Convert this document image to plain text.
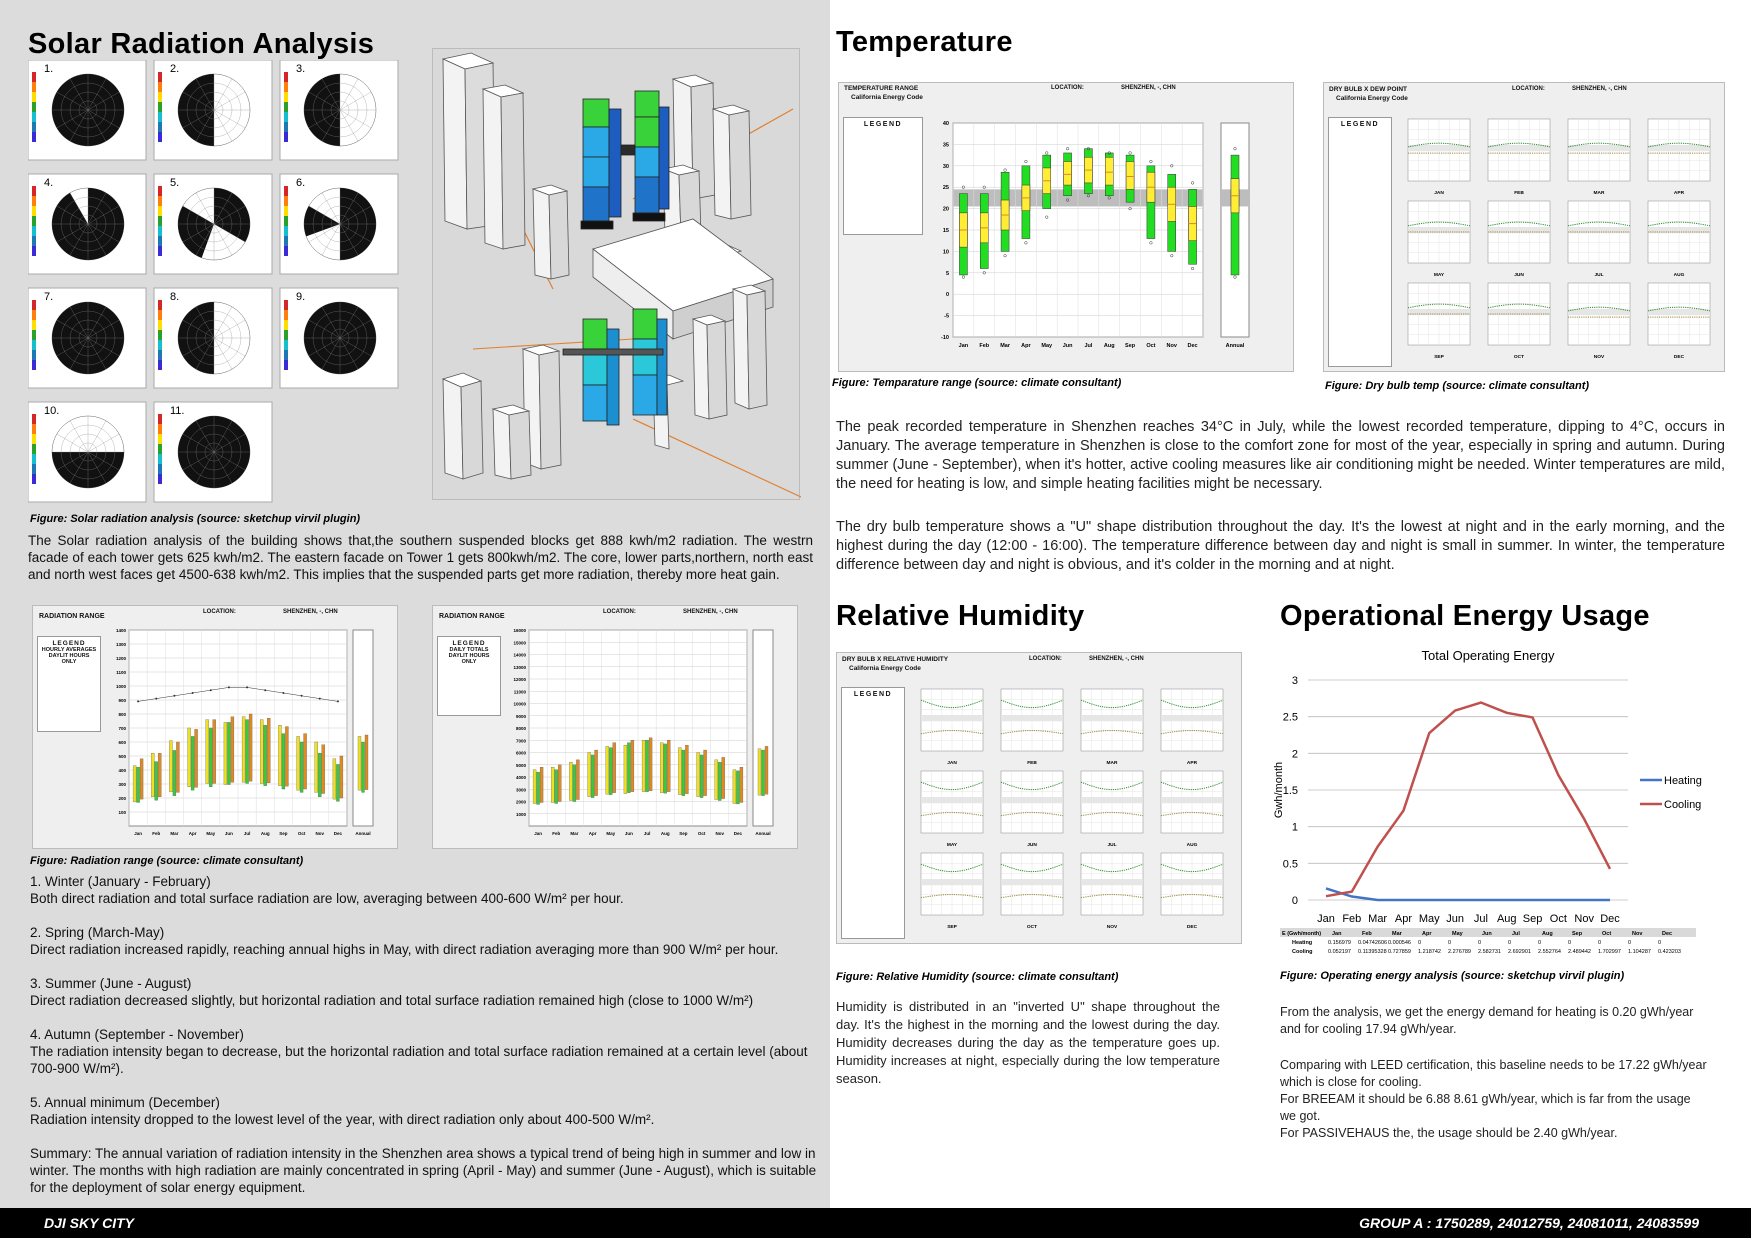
Solar Radiation Analysis
1.	2.	3.
4.	5.	6.
7.	8.	9.
10.	11.
Figure: Solar radiation analysis (source: sketchup virvil plugin)
The Solar radiation analysis of the building shows that,the southern suspended blocks get 888 kwh/m2 radiation. The westrn facade of each tower gets 625 kwh/m2. The eastern facade on Tower 1 gets 800kwh/m2. The core, lower parts,northern, north east and north west faces get 4500-638 kwh/m2. This implies that the suspended parts get more radiation, thereby more heat gain.
RADIATION RANGE
LOCATION:	SHENZHEN, -, CHN
LEGEND
HOURLY AVERAGES DAYLIT HOURS ONLY
100
200
300
400
500
600
700
800
900
1000
1100
1200
1300
1400
Jan Feb Mar Apr May Jun Jul Aug Sep Oct Nov Dec	Annual
RADIATION RANGE
LOCATION:	SHENZHEN, -, CHN
LEGEND
DAILY TOTALS DAYLIT HOURS ONLY
1000
2000
3000
4000
5000
6000
7000
8000
9000
10000
11000
12000
13000
14000
15000
16000
Jan Feb Mar Apr May Jun Jul Aug Sep Oct Nov Dec	Annual
Figure: Radiation range (source: climate consultant)
1. Winter (January - February)
Both direct radiation and total surface radiation are low, averaging between 400-600 W/m² per hour.
2. Spring (March-May)
Direct radiation increased rapidly, reaching annual highs in May, with direct radiation averaging more than 900 W/m² per hour.
3. Summer (June - August)
Direct radiation decreased slightly, but horizontal radiation and total surface radiation remained high (close to 1000 W/m²)
4. Autumn (September - November)
The radiation intensity began to decrease, but the horizontal radiation and total surface radiation remained at a certain level (about 700-900 W/m²).
5. Annual minimum (December)
Radiation intensity dropped to the lowest level of the year, with direct radiation only about 400-500 W/m².
Summary: The annual variation of radiation intensity in the Shenzhen area shows a typical trend of being high in summer and low in winter. The months with high radiation are mainly concentrated in spring (April - May) and summer (June - August), which is suitable for the deployment of solar energy equipment.
Temperature
TEMPERATURE RANGE
California Energy Code
LOCATION:	SHENZHEN, -, CHN
LEGEND
-10
-5
0
5
10
15
20
25
30
35
40
Jan Feb Mar Apr May Jun Jul Aug Sep Oct Nov Dec	Annual
Figure: Temparature range (source: climate consultant)
DRY BULB X DEW POINT
California Energy Code
LOCATION:	SHENZHEN, -, CHN
LEGEND
JAN	FEB	MAR	APR
MAY	JUN	JUL	AUG
SEP	OCT	NOV	DEC
Figure: Dry bulb temp (source: climate consultant)
The peak recorded temperature in Shenzhen reaches 34°C in July, while the lowest recorded temperature, dipping to 4°C, occurs in January. The average temperature in Shenzhen is close to the comfort zone for most of the year, especially in spring and autumn. During summer (June - September), when it's hotter, active cooling measures like air conditioning might be needed. Winter temperatures are mild, the need for heating is low, and simple heating facilities might be necessary.
The dry bulb temperature shows a "U" shape distribution throughout the day. It's the lowest at night and in the early morning, and the highest during the day (12:00 - 16:00). The temperature difference between day and night is small in summer. In winter, the temperature difference between day and night is obvious, and it's colder in the morning and at night.
Relative Humidity
DRY BULB X RELATIVE HUMIDITY
California Energy Code
LOCATION:	SHENZHEN, -, CHN
LEGEND
JAN	FEB	MAR	APR
MAY	JUN	JUL	AUG
SEP	OCT	NOV	DEC
Figure: Relative Humidity (source: climate consultant)
Humidity is distributed in an "inverted U" shape throughout the day. It's the highest in the morning and the lowest during the day. Humidity decreases during the day as the temperature goes up. Humidity increases at night, especially during the low temperature season.
Operational Energy Usage
Total Operating Energy
Gwh/month
0
0.5
1
1.5
2
2.5
3
Jan Feb Mar Apr May Jun Jul Aug Sep Oct Nov Dec
Heating
Cooling
E (Gwh/month) Jan	Feb	Mar	Apr	May	Jun	Jul	Aug	Sep	Oct	Nov	Dec
Heating	0.156979 0.04742606 0.000546 0	0	0	0	0	0	0	0	0
Cooling	0.052197 0.11395328 0.727859 1.218742 2.276789 2.582731 2.692901 2.552764 2.489442 1.702997 1.104287 0.423203
Figure: Operating energy analysis (source: sketchup virvil plugin)
From the analysis, we get the energy demand for heating is 0.20 gWh/year and for cooling 17.94 gWh/year.
Comparing with LEED certification, this baseline needs to be 17.22 gWh/year which is close for cooling.
For BREEAM it should be 6.88 8.61 gWh/year, which is far from the usage we got.
For PASSIVEHAUS the, the usage should be 2.40 gWh/year.
DJI SKY CITY	GROUP A : 1750289, 24012759, 24081011, 24083599
